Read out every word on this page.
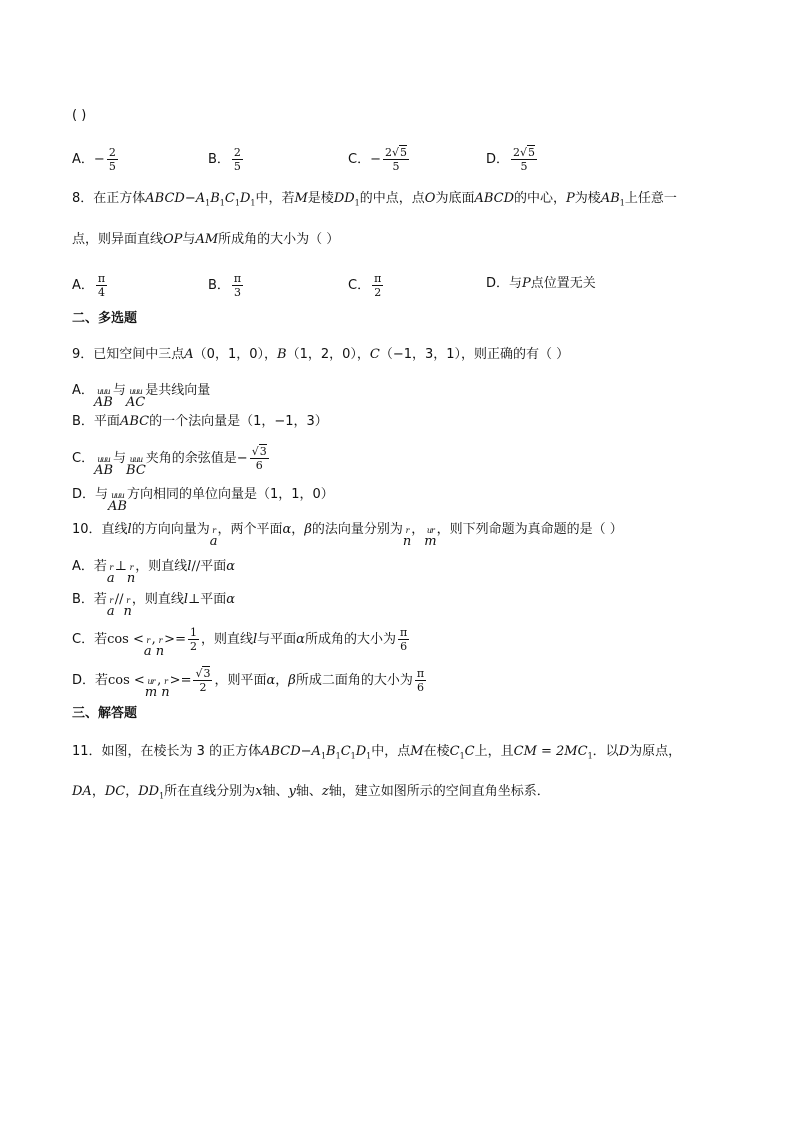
( )
A．− $\frac{2}{5}$	B． $\frac{2}{5}$	C．− $\frac{2√5}{5}$	D． $\frac{2√5}{5}$
8．在正方体$ABCD-A_1B_1C_1D_1$中，若M是棱$DD_1$的中点，点O为底面ABCD的中心，P为棱$AB_1$上任意一
点，则异面直线OP与AM所成角的大小为（ ）
A． $\frac{\pi}{4}$	B． $\frac{\pi}{3}$	C． $\frac{\pi}{2}$	D．与P点位置无关
二、多选题
9．已知空间中三点A（0，1，0），B（1，2，0），C（−1，3，1），则正确的有（ ）
A． uuu
AB
与 uuu
AC
是共线向量
B．平面ABC的一个法向量是（1，−1，3）
C． uuu
AB
与 uuu
BC
夹角的余弦值是− $\frac{√3}{6}$
D．与 uuu
AB
方向相同的单位向量是（1，1，0）
10．直线l的方向向量为 r
a
，两个平面α，β的法向量分别为 r
n
， ur
m
，则下列命题为真命题的是（ ）
A．若 r
a
⊥ r
n
，则直线l//平面α
B．若 r
a
// r
n
，则直线l⊥平面α
C．若cos < r
a
, r
n
>= $\frac{1}{2}$ ，则直线l与平面α所成角的大小为 $\frac{\pi}{6}$
D．若cos < ur
m
, r
n
>= $\frac{√3}{2}$ ，则平面α，β所成二面角的大小为 $\frac{\pi}{6}$
三、解答题
11．如图，在棱长为 3 的正方体$ABCD-A_1B_1C_1D_1$中，点M在棱$C_1C$上，且CM = $2MC_1$．以D为原点，
DA，DC，$DD_1$所在直线分别为x轴、y轴、z轴，建立如图所示的空间直角坐标系．
